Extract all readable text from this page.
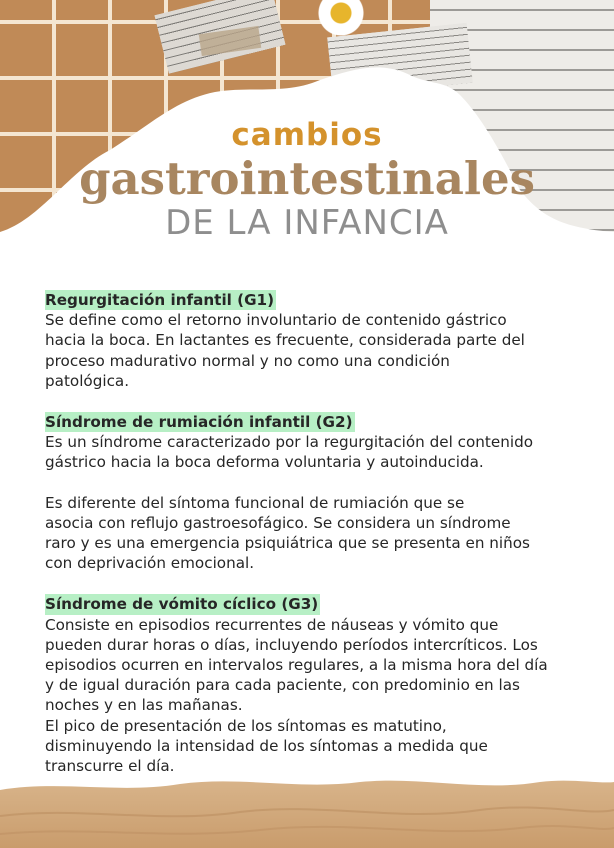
cambios
gastrointestinales
DE LA INFANCIA
Regurgitación infantil (G1)
Se define como el retorno involuntario de contenido gástrico
hacia la boca. En lactantes es frecuente, considerada parte del
proceso madurativo normal y no como una condición
patológica.
Síndrome de rumiación infantil (G2)
Es un síndrome caracterizado por la regurgitación del contenido
gástrico hacia la boca deforma voluntaria y autoinducida.
Es diferente del síntoma funcional de rumiación que se
asocia con reflujo gastroesofágico. Se considera un síndrome
raro y es una emergencia psiquiátrica que se presenta en niños
con deprivación emocional.
Síndrome de vómito cíclico (G3)
Consiste en episodios recurrentes de náuseas y vómito que
pueden durar horas o días, incluyendo períodos intercríticos. Los
episodios ocurren en intervalos regulares, a la misma hora del día
y de igual duración para cada paciente, con predominio en las
noches y en las mañanas.
El pico de presentación de los síntomas es matutino,
disminuyendo la intensidad de los síntomas a medida que
transcurre el día.
